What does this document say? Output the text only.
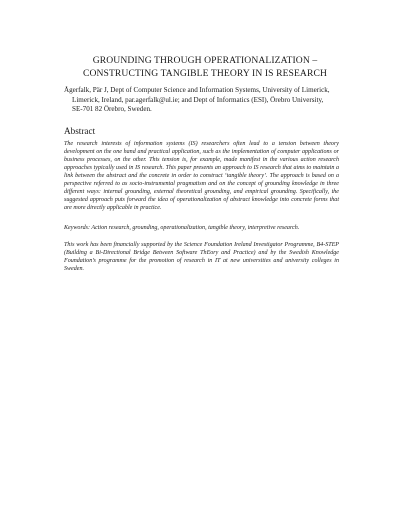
GROUNDING THROUGH OPERATIONALIZATION – CONSTRUCTING TANGIBLE THEORY IN IS RESEARCH
Ågerfalk, Pär J, Dept of Computer Science and Information Systems, University of Limerick,
Limerick, Ireland, par.agerfalk@ul.ie; and Dept of Informatics (ESI), Örebro University,
SE-701 82 Örebro, Sweden.
Abstract
The research interests of information systems (IS) researchers often lead to a tension between theory development on the one hand and practical application, such as the implementation of computer applications or business processes, on the other. This tension is, for example, made manifest in the various action research approaches typically used in IS research. This paper presents an approach to IS research that aims to maintain a link between the abstract and the concrete in order to construct ‘tangible theory’. The approach is based on a perspective referred to as socio-instrumental pragmatism and on the concept of grounding knowledge in three different ways: internal grounding, external theoretical grounding, and empirical grounding. Specifically, the suggested approach puts forward the idea of operationalization of abstract knowledge into concrete forms that are more directly applicable in practice.
Keywords: Action research, grounding, operationalization, tangible theory, interpretive research.
This work has been financially supported by the Science Foundation Ireland Investigator Programme, B4-STEP (Building a Bi-Directional Bridge Between Software ThEory and Practice) and by the Swedish Knowledge Foundation’s programme for the promotion of research in IT at new universities and university colleges in Sweden.
